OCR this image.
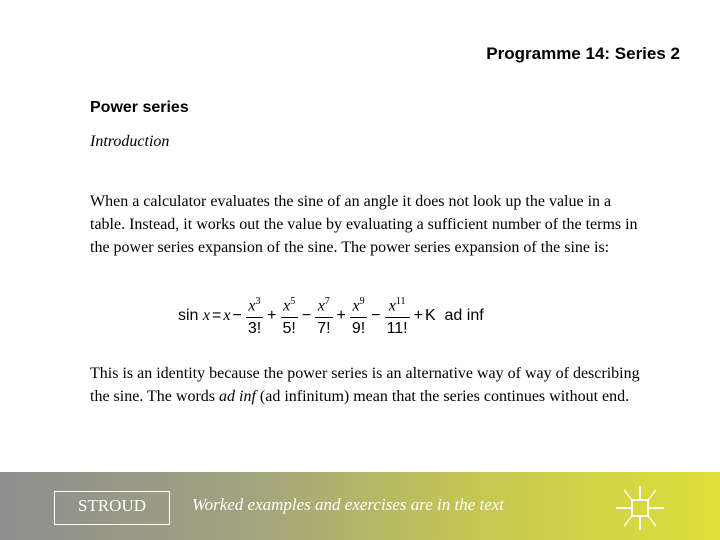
Programme 14: Series 2
Power series
Introduction
When a calculator evaluates the sine of an angle it does not look up the value in a table. Instead, it works out the value by evaluating a sufficient number of the terms in the power series expansion of the sine. The power series expansion of the sine is:
sin
$x = x - \frac{x^3}{3!} + \frac{x^5}{5!} - \frac{x^7}{7!} + \frac{x^9}{9!} - \frac{x^{11}}{11!} + K$
ad inf
This is an identity because the power series is an alternative way of way of describing the sine. The words ad inf (ad infinitum) mean that the series continues without end.
STROUD	Worked examples and exercises are in the text
